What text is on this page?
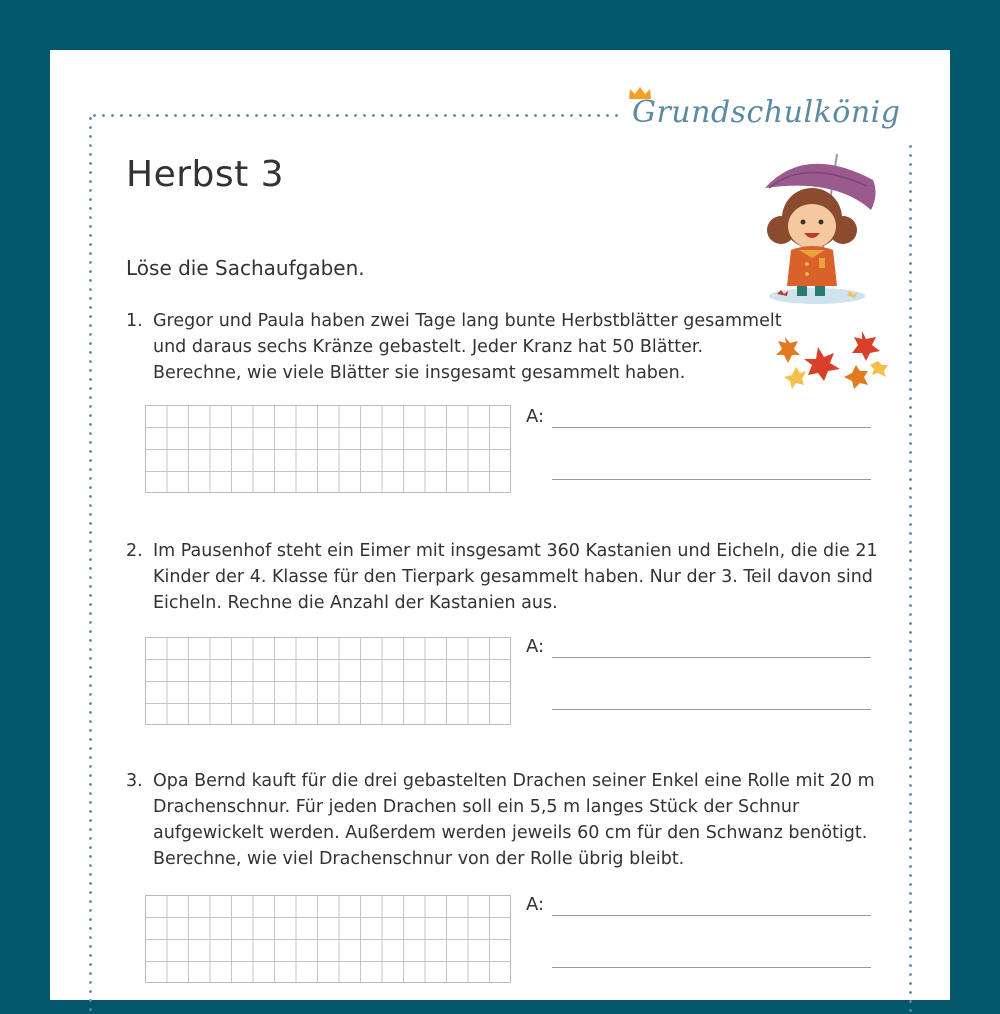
Grundschulkönig
Herbst 3
Löse die Sachaufgaben.
1. Gregor und Paula haben zwei Tage lang bunte Herbstblätter gesammelt
und daraus sechs Kränze gebastelt. Jeder Kranz hat 50 Blätter.
Berechne, wie viele Blätter sie insgesamt gesammelt haben.
A:
2. Im Pausenhof steht ein Eimer mit insgesamt 360 Kastanien und Eicheln, die die 21
Kinder der 4. Klasse für den Tierpark gesammelt haben. Nur der 3. Teil davon sind
Eicheln. Rechne die Anzahl der Kastanien aus.
A:
3. Opa Bernd kauft für die drei gebastelten Drachen seiner Enkel eine Rolle mit 20 m
Drachenschnur. Für jeden Drachen soll ein 5,5 m langes Stück der Schnur
aufgewickelt werden. Außerdem werden jeweils 60 cm für den Schwanz benötigt.
Berechne, wie viel Drachenschnur von der Rolle übrig bleibt.
A:
